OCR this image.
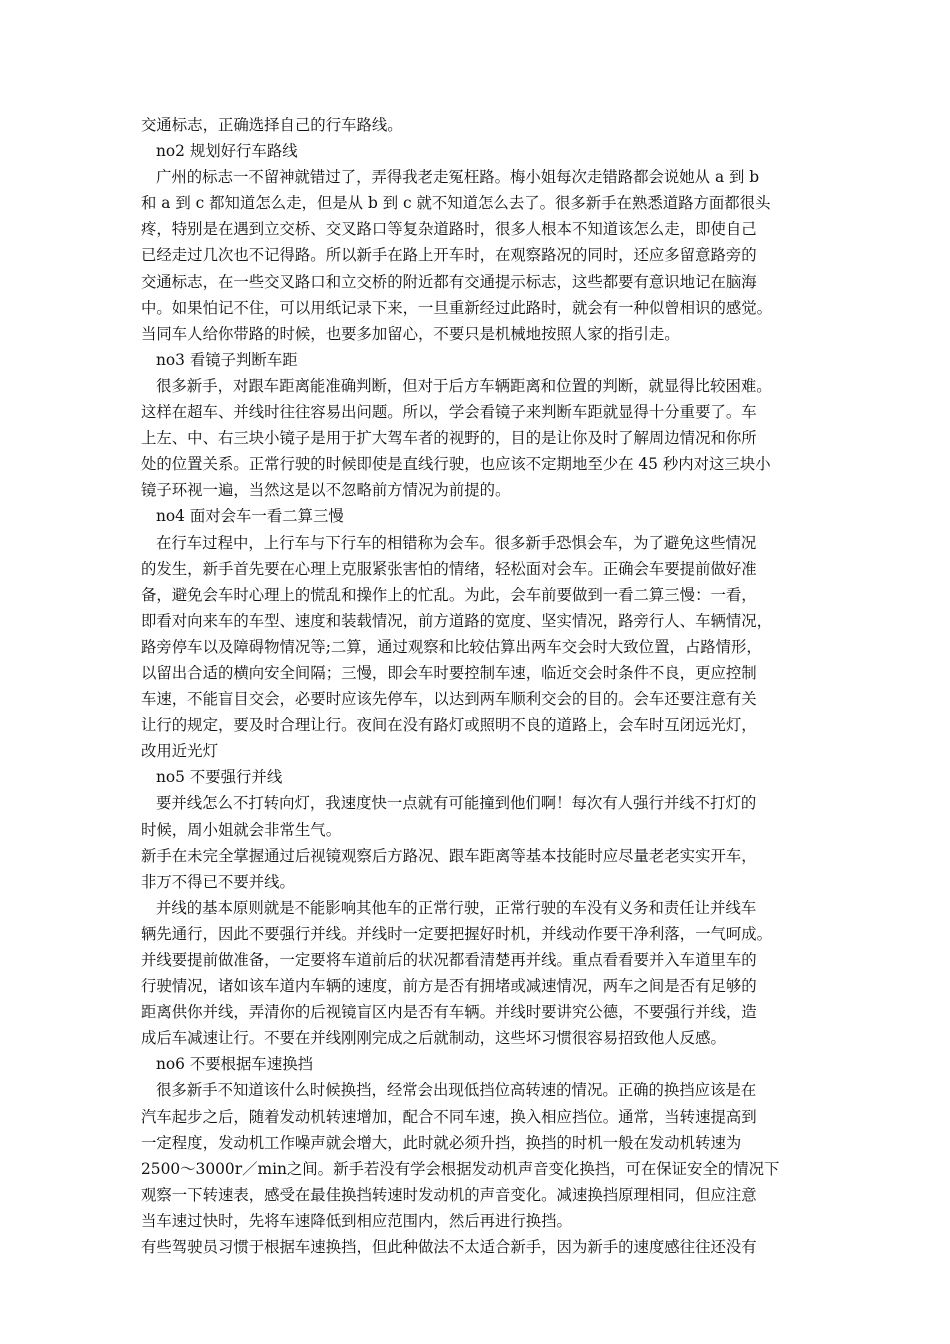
交通标志，正确选择自己的行车路线。

no2 规划好行车路线

广州的标志一不留神就错过了，弄得我老走冤枉路。梅小姐每次走错路都会说她从 a 到 b

和 a 到 c 都知道怎么走，但是从 b 到 c 就不知道怎么去了。很多新手在熟悉道路方面都很头

疼，特别是在遇到立交桥、交叉路口等复杂道路时，很多人根本不知道该怎么走，即使自己

已经走过几次也不记得路。所以新手在路上开车时，在观察路况的同时，还应多留意路旁的

交通标志，在一些交叉路口和立交桥的附近都有交通提示标志，这些都要有意识地记在脑海

中。如果怕记不住，可以用纸记录下来，一旦重新经过此路时，就会有一种似曾相识的感觉。

当同车人给你带路的时候，也要多加留心，不要只是机械地按照人家的指引走。

no3 看镜子判断车距

很多新手，对跟车距离能准确判断，但对于后方车辆距离和位置的判断，就显得比较困难。

这样在超车、并线时往往容易出问题。所以，学会看镜子来判断车距就显得十分重要了。车

上左、中、右三块小镜子是用于扩大驾车者的视野的，目的是让你及时了解周边情况和你所

处的位置关系。正常行驶的时候即使是直线行驶，也应该不定期地至少在 45 秒内对这三块小

镜子环视一遍，当然这是以不忽略前方情况为前提的。

no4 面对会车一看二算三慢

在行车过程中，上行车与下行车的相错称为会车。很多新手恐惧会车，为了避免这些情况

的发生，新手首先要在心理上克服紧张害怕的情绪，轻松面对会车。正确会车要提前做好准

备，避免会车时心理上的慌乱和操作上的忙乱。为此，会车前要做到一看二算三慢：一看，

即看对向来车的车型、速度和装载情况，前方道路的宽度、坚实情况，路旁行人、车辆情况，

路旁停车以及障碍物情况等;二算，通过观察和比较估算出两车交会时大致位置，占路情形，

以留出合适的横向安全间隔；三慢，即会车时要控制车速，临近交会时条件不良，更应控制

车速，不能盲目交会，必要时应该先停车，以达到两车顺利交会的目的。会车还要注意有关

让行的规定，要及时合理让行。夜间在没有路灯或照明不良的道路上，会车时互闭远光灯，

改用近光灯

no5 不要强行并线

要并线怎么不打转向灯，我速度快一点就有可能撞到他们啊！每次有人强行并线不打灯的

时候，周小姐就会非常生气。

新手在未完全掌握通过后视镜观察后方路况、跟车距离等基本技能时应尽量老老实实开车，

非万不得已不要并线。

并线的基本原则就是不能影响其他车的正常行驶，正常行驶的车没有义务和责任让并线车

辆先通行，因此不要强行并线。并线时一定要把握好时机，并线动作要干净利落，一气呵成。

并线要提前做准备，一定要将车道前后的状况都看清楚再并线。重点看看要并入车道里车的

行驶情况，诸如该车道内车辆的速度，前方是否有拥堵或减速情况，两车之间是否有足够的

距离供你并线，弄清你的后视镜盲区内是否有车辆。并线时要讲究公德，不要强行并线，造

成后车减速让行。不要在并线刚刚完成之后就制动，这些坏习惯很容易招致他人反感。

no6 不要根据车速换挡

很多新手不知道该什么时候换挡，经常会出现低挡位高转速的情况。正确的换挡应该是在

汽车起步之后，随着发动机转速增加，配合不同车速，换入相应挡位。通常，当转速提高到

一定程度，发动机工作噪声就会增大，此时就必须升挡，换挡的时机一般在发动机转速为

2500～3000r／min之间。新手若没有学会根据发动机声音变化换挡，可在保证安全的情况下

观察一下转速表，感受在最佳换挡转速时发动机的声音变化。减速换挡原理相同，但应注意

当车速过快时，先将车速降低到相应范围内，然后再进行换挡。

有些驾驶员习惯于根据车速换挡，但此种做法不太适合新手，因为新手的速度感往往还没有
